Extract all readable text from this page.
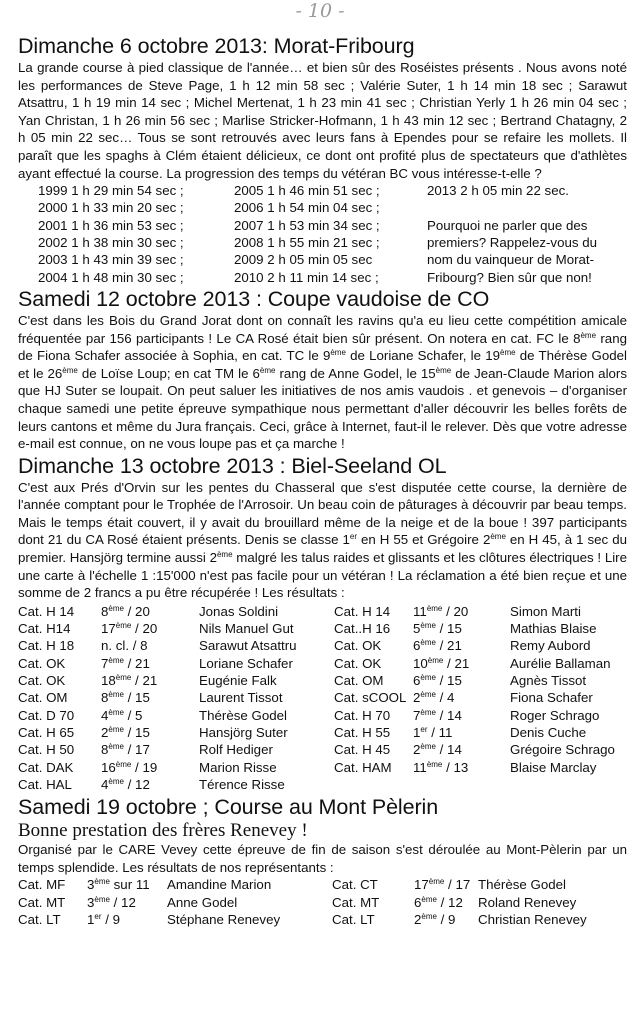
- 10 -
Dimanche 6 octobre 2013: Morat-Fribourg

La grande course à pied classique de l'année… et bien sûr des Roséistes présents . Nous avons noté les performances de Steve Page, 1 h 12 min 58 sec ; Valérie Suter, 1 h 14 min 18 sec ; Sarawut Atsattru, 1 h 19 min 14 sec ; Michel Mertenat, 1 h 23 min 41 sec ; Christian Yerly 1 h 26 min 04 sec ; Yan Christan, 1 h 26 min 56 sec ; Marlise Stricker-Hofmann, 1 h 43 min 12 sec ; Bertrand Chatagny, 2 h 05 min 22 sec… Tous se sont retrouvés avec leurs fans à Ependes pour se refaire les mollets. Il paraît que les spaghs à Clém étaient délicieux, ce dont ont profité plus de spectateurs que d'athlètes ayant effectué la course. La progression des temps du vétéran BC vous intéresse-t-elle ?

1999 1 h 29 min 54 sec ;	2005 1 h 46 min 51 sec ;	2013 2 h 05 min 22 sec.
2000 1 h 33 min 20 sec ;	2006 1 h 54 min 04 sec ;	
2001 1 h 36 min 53 sec ;	2007 1 h 53 min 34 sec ;	Pourquoi ne parler que des
2002 1 h 38 min 30 sec ;	2008 1 h 55 min 21 sec ;	premiers? Rappelez-vous du
2003 1 h 43 min 39 sec ;	2009 2 h 05 min 05 sec	nom du vainqueur de Morat-
2004 1 h 48 min 30 sec ;	2010 2 h 11 min 14 sec ;	Fribourg? Bien sûr que non!
Samedi 12 octobre 2013 : Coupe vaudoise de CO

C'est dans les Bois du Grand Jorat dont on connaît les ravins qu'a eu lieu cette compétition amicale fréquentée par 156 participants ! Le CA Rosé était bien sûr présent. On notera en cat. FC le 8ème rang de Fiona Schafer associée à Sophia, en cat. TC le 9ème de Loriane Schafer, le 19ème de Thérèse Godel et le 26ème de Loïse Loup; en cat TM le 6ème rang de Anne Godel, le 15ème de Jean-Claude Marion alors que HJ Suter se loupait. On peut saluer les initiatives de nos amis vaudois . et genevois – d'organiser chaque samedi une petite épreuve sympathique nous permettant d'aller découvrir les belles forêts de leurs cantons et même du Jura français. Ceci, grâce à Internet, faut-il le relever. Dès que votre adresse e-mail est connue, on ne vous loupe pas et ça marche !

Dimanche 13 octobre 2013 : Biel-Seeland OL

C'est aux Prés d'Orvin sur les pentes du Chasseral que s'est disputée cette course, la dernière de l'année comptant pour le Trophée de l'Arrosoir. Un beau coin de pâturages à découvrir par beau temps. Mais le temps était couvert, il y avait du brouillard même de la neige et de la boue ! 397 participants dont 21 du CA Rosé étaient présents. Denis se classe 1er en H 55 et Grégoire 2ème en H 45, à 1 sec du premier. Hansjörg termine aussi 2ème malgré les talus raides et glissants et les clôtures électriques ! Lire une carte à l'échelle 1 :15'000 n'est pas facile pour un vétéran ! La réclamation a été bien reçue et une somme de 2 francs a pu être récupérée ! Les résultats :

Cat. H 14	8ème / 20	Jonas Soldini	Cat. H 14	11ème / 20	Simon Marti
Cat. H14	17ème / 20	Nils Manuel Gut	Cat..H 16	5ème / 15	Mathias Blaise
Cat. H 18	n. cl. / 8	Sarawut Atsattru	Cat. OK	6ème / 21	Remy Aubord
Cat. OK	7ème / 21	Loriane Schafer	Cat. OK	10ème / 21	Aurélie Ballaman
Cat. OK	18ème / 21	Eugénie Falk	Cat. OM	6ème / 15	Agnès Tissot
Cat. OM	8ème / 15	Laurent Tissot	Cat. sCOOL	2ème / 4	Fiona Schafer
Cat. D 70	4ème / 5	Thérèse Godel	Cat. H 70	7ème / 14	Roger Schrago
Cat. H 65	2ème / 15	Hansjörg Suter	Cat. H 55	1er / 11	Denis Cuche
Cat. H 50	8ème / 17	Rolf Hediger	Cat. H 45	2ème / 14	Grégoire Schrago
Cat. DAK	16ème / 19	Marion Risse	Cat. HAM	11ème / 13	Blaise Marclay
Cat. HAL	4ème / 12	Térence Risse			
Samedi 19 octobre ; Course au Mont Pèlerin
Bonne prestation des frères Renevey !

Organisé par le CARE Vevey cette épreuve de fin de saison s'est déroulée au Mont-Pèlerin par un temps splendide. Les résultats de nos représentants :

Cat. MF	3ème sur 11	Amandine Marion	Cat. CT	17ème / 17	Thérèse Godel
Cat. MT	3ème / 12	Anne Godel	Cat. MT	6ème / 12	Roland Renevey
Cat. LT	1er / 9	Stéphane Renevey	Cat. LT	2ème / 9	Christian Renevey
